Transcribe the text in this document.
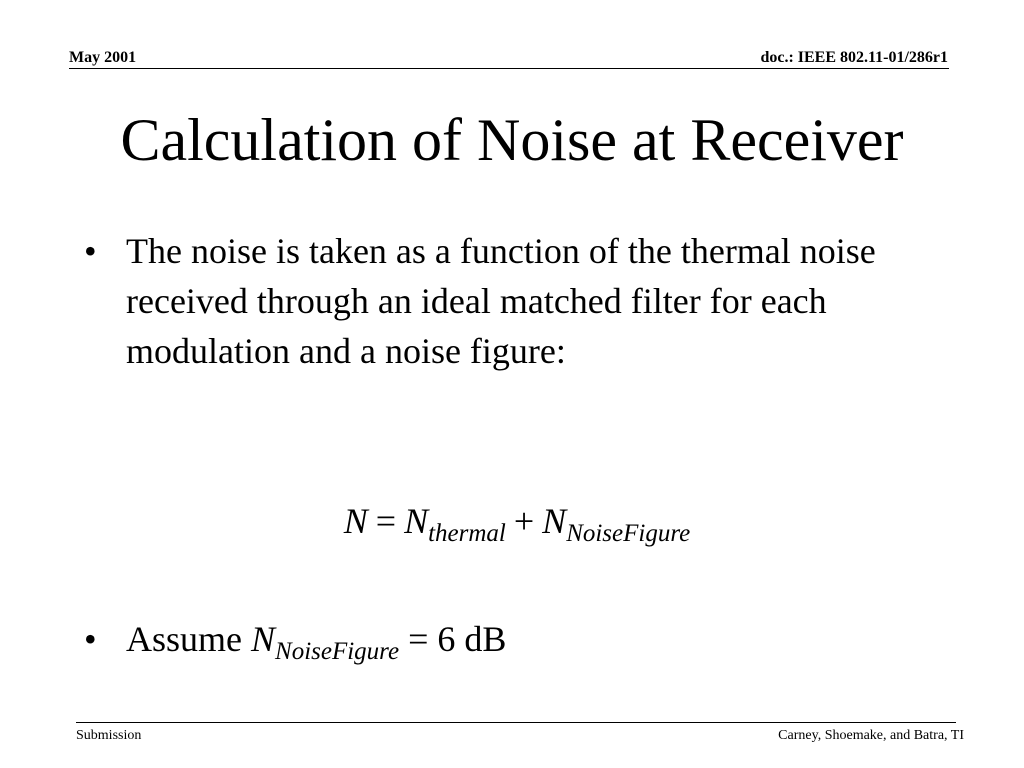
May 2001	doc.: IEEE 802.11-01/286r1
Calculation of Noise at Receiver
• The noise is taken as a function of the thermal noise received through an ideal matched filter for each modulation and a noise figure:
$N = N_{thermal} + N_{NoiseFigure}$
• Assume $N_{NoiseFigure} = 6$ dB
Submission	Carney, Shoemake, and Batra, TI
